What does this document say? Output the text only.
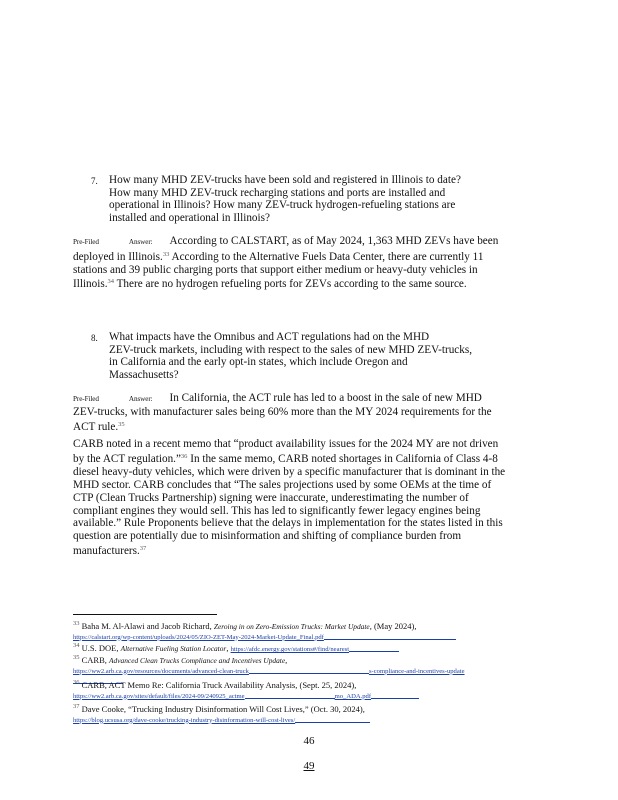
7. How many MHD ZEV-trucks have been sold and registered in Illinois to date?
How many MHD ZEV-truck recharging stations and ports are installed and
operational in Illinois? How many ZEV-truck hydrogen-refueling stations are
installed and operational in Illinois?
Pre-Filed	Answer: According to CALSTART, as of May 2024, 1,363 MHD ZEVs have been deployed in Illinois.$^{33}$ According to the Alternative Fuels Data Center, there are currently 11 stations and 39 public charging ports that support either medium or heavy-duty vehicles in Illinois.$^{34}$ There are no hydrogen refueling ports for ZEVs according to the same source.
8. What impacts have the Omnibus and ACT regulations had on the MHD
ZEV-truck markets, including with respect to the sales of new MHD ZEV-trucks,
in California and the early opt-in states, which include Oregon and
Massachusetts?
Pre-Filed	Answer: In California, the ACT rule has led to a boost in the sale of new MHD ZEV-trucks, with manufacturer sales being 60% more than the MY 2024 requirements for the ACT rule.$^{35}$
CARB noted in a recent memo that “product availability issues for the 2024 MY are not driven by the ACT regulation.”$^{36}$ In the same memo, CARB noted shortages in California of Class 4-8 diesel heavy-duty vehicles, which were driven by a specific manufacturer that is dominant in the MHD sector. CARB concludes that “The sales projections used by some OEMs at the time of CTP (Clean Trucks Partnership) signing were inaccurate, underestimating the number of compliant engines they would sell. This has led to significantly fewer legacy engines being available.” Rule Proponents believe that the delays in implementation for the states listed in this question are potentially due to misinformation and shifting of compliance burden from manufacturers.$^{37}$
$^{33}$ Baha M. Al-Alawi and Jacob Richard, Zeroing in on Zero-Emission Trucks: Market Update, (May 2024),
https://calstart.org/wp-content/uploads/2024/05/ZIO-ZET-May-2024-Market-Update_Final.pdf
$^{34}$ U.S. DOE, Alternative Fueling Station Locator, https://afdc.energy.gov/stations#/find/nearest
$^{35}$ CARB, Advanced Clean Trucks Compliance and Incentives Update,
https://ww2.arb.ca.gov/resources/documents/advanced-clean-truck	s-compliance-and-incentives-update
$^{36}$ CARB, ACT Memo Re: California Truck Availability Analysis, (Sept. 25, 2024),
https://ww2.arb.ca.gov/sites/default/files/2024-09/240925_actme	mo_ADA.pdf
$^{37}$ Dave Cooke, “Trucking Industry Disinformation Will Cost Lives,” (Oct. 30, 2024),
https://blog.ucsusa.org/dave-cooke/trucking-industry-disinformation-will-cost-lives/
46
49
